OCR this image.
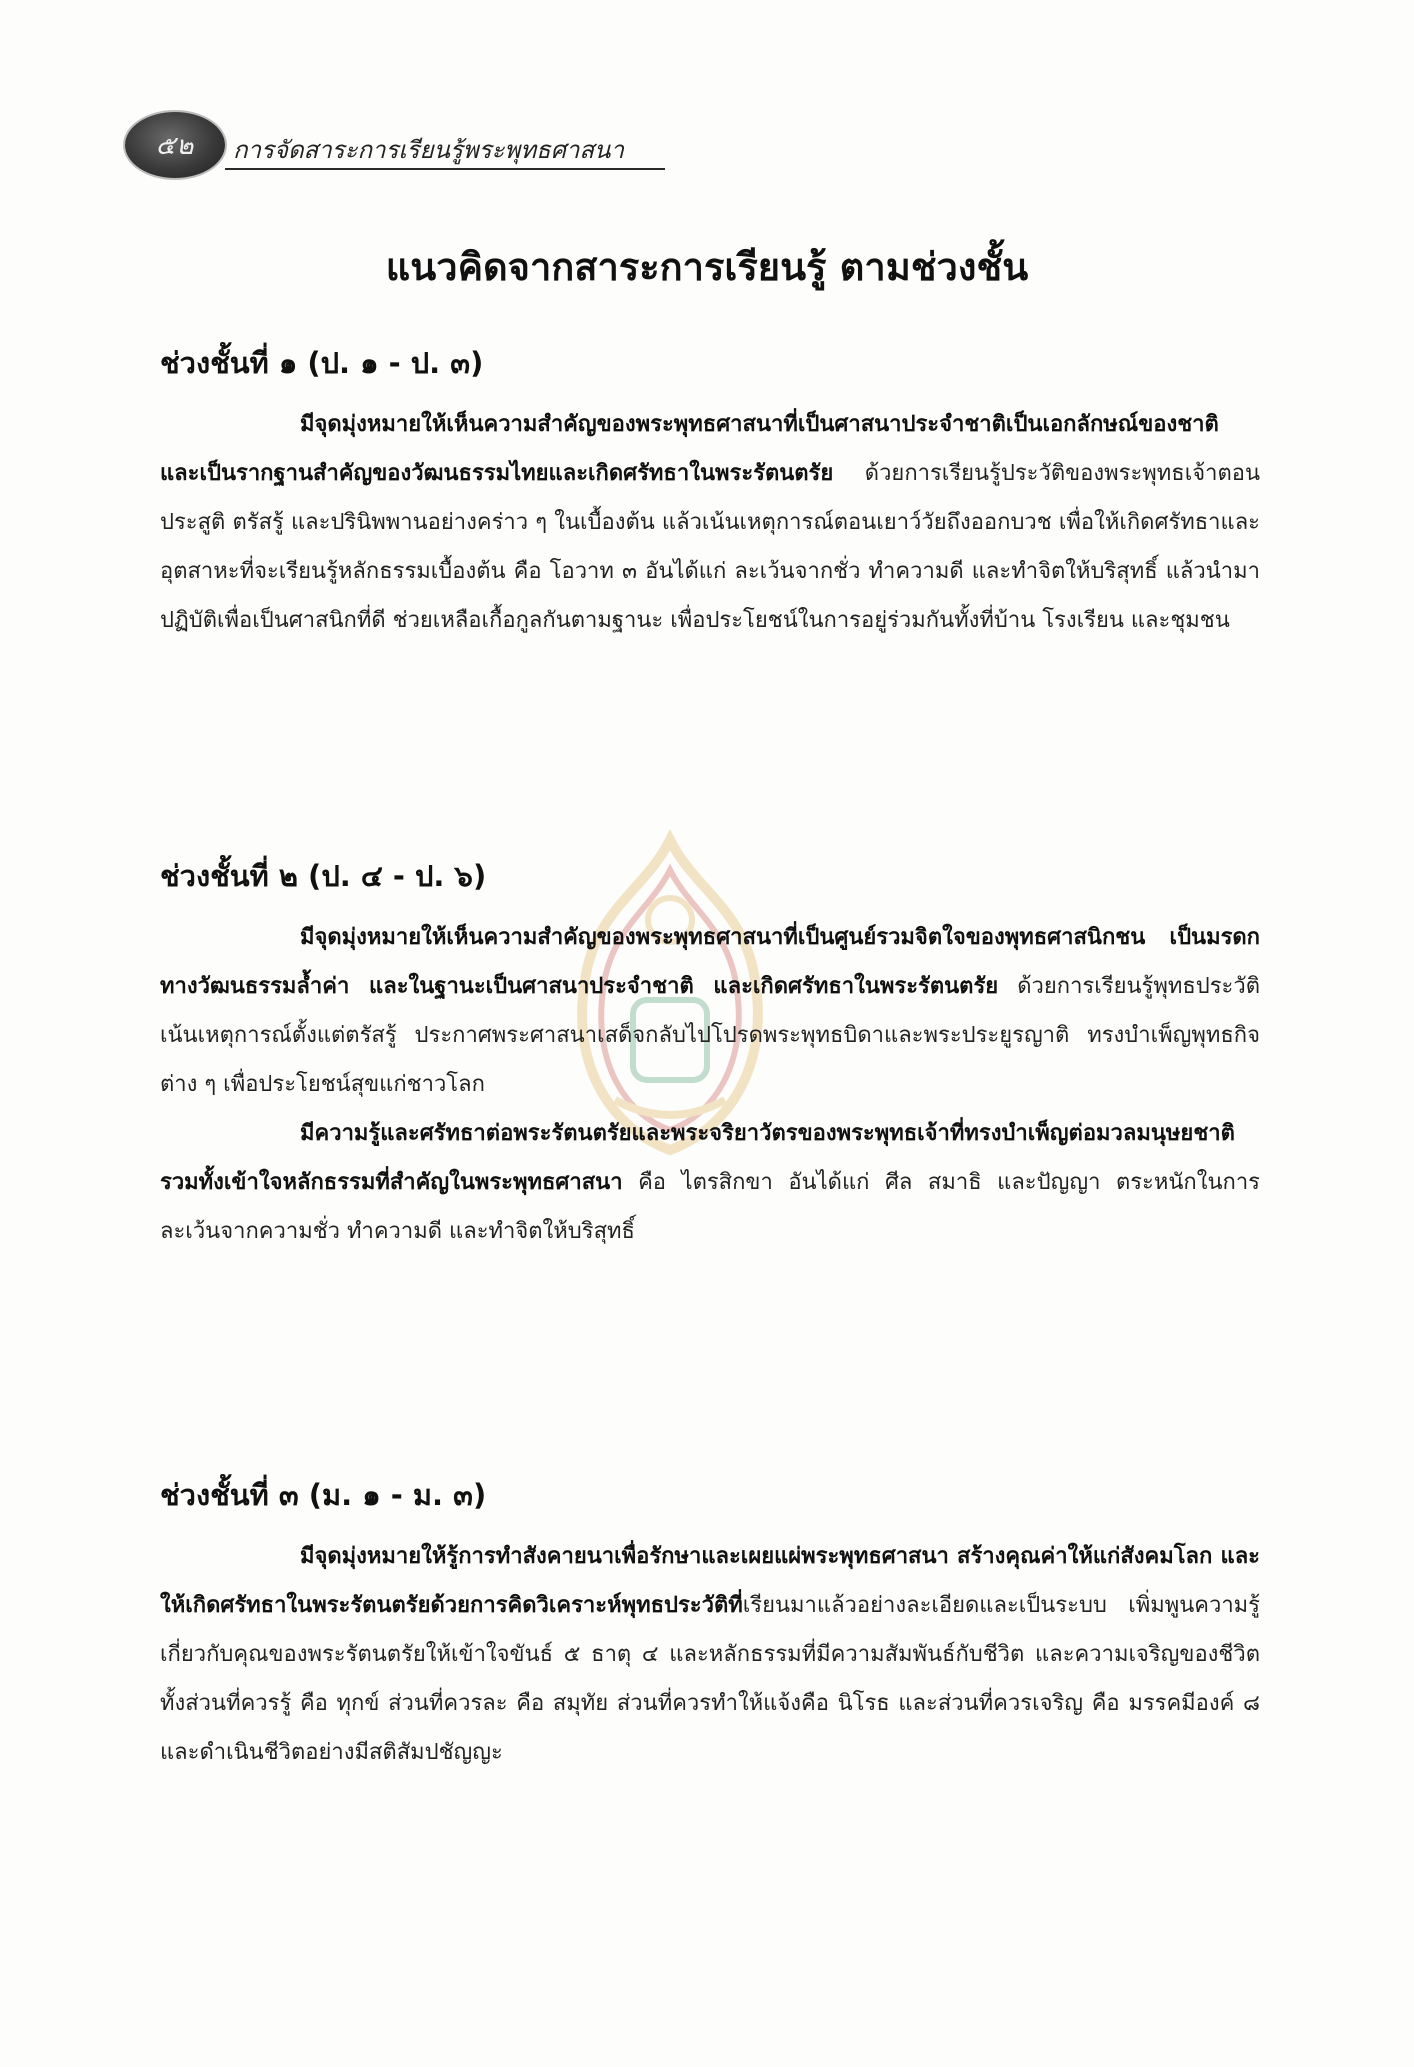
๕๒ การจัดสาระการเรียนรู้พระพุทธศาสนา
แนวคิดจากสาระการเรียนรู้ ตามช่วงชั้น
ช่วงชั้นที่ ๑ (ป. ๑ - ป. ๓)

มีจุดมุ่งหมายให้เห็นความสำคัญของพระพุทธศาสนาที่เป็นศาสนาประจำชาติเป็นเอกลักษณ์ของชาติ และเป็นรากฐานสำคัญของวัฒนธรรมไทยและเกิดศรัทธาในพระรัตนตรัย ด้วยการเรียนรู้ประวัติของพระพุทธเจ้าตอนประสูติ ตรัสรู้ และปรินิพพานอย่างคร่าว ๆ ในเบื้องต้น แล้วเน้นเหตุการณ์ตอนเยาว์วัยถึงออกบวช เพื่อให้เกิดศรัทธาและอุตสาหะที่จะเรียนรู้หลักธรรมเบื้องต้น คือ โอวาท ๓ อันได้แก่ ละเว้นจากชั่ว ทำความดี และทำจิตให้บริสุทธิ์ แล้วนำมาปฏิบัติเพื่อเป็นศาสนิกที่ดี ช่วยเหลือเกื้อกูลกันตามฐานะ เพื่อประโยชน์ในการอยู่ร่วมกันทั้งที่บ้าน โรงเรียน และชุมชน

ช่วงชั้นที่ ๒ (ป. ๔ - ป. ๖)

มีจุดมุ่งหมายให้เห็นความสำคัญของพระพุทธศาสนาที่เป็นศูนย์รวมจิตใจของพุทธศาสนิกชน เป็นมรดกทางวัฒนธรรมล้ำค่า และในฐานะเป็นศาสนาประจำชาติ และเกิดศรัทธาในพระรัตนตรัย ด้วยการเรียนรู้พุทธประวัติ เน้นเหตุการณ์ตั้งแต่ตรัสรู้ ประกาศพระศาสนาเสด็จกลับไปโปรดพระพุทธบิดาและพระประยูรญาติ ทรงบำเพ็ญพุทธกิจต่าง ๆ เพื่อประโยชน์สุขแก่ชาวโลก

มีความรู้และศรัทธาต่อพระรัตนตรัยและพระจริยาวัตรของพระพุทธเจ้าที่ทรงบำเพ็ญต่อมวลมนุษยชาติ รวมทั้งเข้าใจหลักธรรมที่สำคัญในพระพุทธศาสนา คือ ไตรสิกขา อันได้แก่ ศีล สมาธิ และปัญญา ตระหนักในการละเว้นจากความชั่ว ทำความดี และทำจิตให้บริสุทธิ์

ช่วงชั้นที่ ๓ (ม. ๑ - ม. ๓)

มีจุดมุ่งหมายให้รู้การทำสังคายนาเพื่อรักษาและเผยแผ่พระพุทธศาสนา สร้างคุณค่าให้แก่สังคมโลก และให้เกิดศรัทธาในพระรัตนตรัยด้วยการคิดวิเคราะห์พุทธประวัติที่เรียนมาแล้วอย่างละเอียดและเป็นระบบ เพิ่มพูนความรู้เกี่ยวกับคุณของพระรัตนตรัยให้เข้าใจขันธ์ ๕ ธาตุ ๔ และหลักธรรมที่มีความสัมพันธ์กับชีวิต และความเจริญของชีวิตทั้งส่วนที่ควรรู้ คือ ทุกข์ ส่วนที่ควรละ คือ สมุทัย ส่วนที่ควรทำให้แจ้งคือ นิโรธ และส่วนที่ควรเจริญ คือ มรรคมีองค์ ๘ และดำเนินชีวิตอย่างมีสติสัมปชัญญะ
